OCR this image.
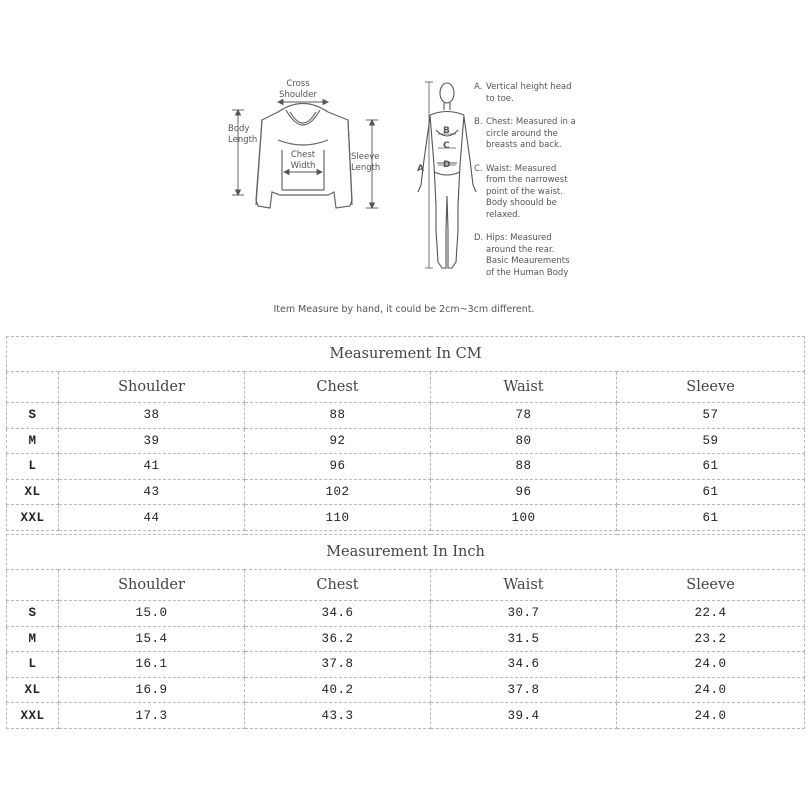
Cross
Shoulder
Body
Length
Chest
Width
Sleeve
Length	A
B
C
D
A. Vertical height head
to toe.
B. Chest: Measured in a
circle around the
breasts and back.
C. Waist: Measured
from the narrowest
point of the waist.
Body shoould be
relaxed.
D. Hips: Measured
around the rear.
Basic Meaurements
of the Human Body
Item Measure by hand, it could be 2cm~3cm different.
Measurement In CM				
	Shoulder	Chest	Waist	Sleeve
S	38	88	78	57
M	39	92	80	59
L	41	96	88	61
XL	43	102	96	61
XXL	44	110	100	61
Measurement In Inch				
	Shoulder	Chest	Waist	Sleeve
S	15.0	34.6	30.7	22.4
M	15.4	36.2	31.5	23.2
L	16.1	37.8	34.6	24.0
XL	16.9	40.2	37.8	24.0
XXL	17.3	43.3	39.4	24.0
